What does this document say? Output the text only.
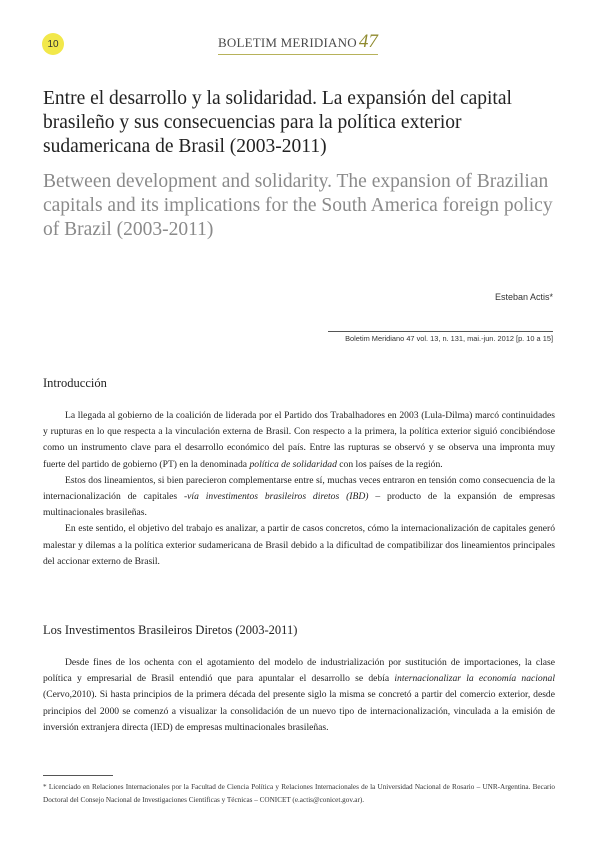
10	BOLETIM MERIDIANO 47
Entre el desarrollo y la solidaridad. La expansión del capital brasileño y sus consecuencias para la política exterior sudamericana de Brasil (2003-2011)
Between development and solidarity. The expansion of Brazilian capitals and its implications for the South America foreign policy of Brazil (2003-2011)
Esteban Actis*
Boletim Meridiano 47 vol. 13, n. 131, mai.-jun. 2012 [p. 10 a 15]
Introducción

La llegada al gobierno de la coalición de liderada por el Partido dos Trabalhadores en 2003 (Lula-Dilma) marcó continuidades y rupturas en lo que respecta a la vinculación externa de Brasil. Con respecto a la primera, la política exterior siguió concibiéndose como un instrumento clave para el desarrollo económico del país. Entre las rupturas se observó y se observa una impronta muy fuerte del partido de gobierno (PT) en la denominada política de solidaridad con los países de la región.

Estos dos lineamientos, si bien parecieron complementarse entre sí, muchas veces entraron en tensión como consecuencia de la internacionalización de capitales -vía investimentos brasileiros diretos (IBD) – producto de la expansión de empresas multinacionales brasileñas.

En este sentido, el objetivo del trabajo es analizar, a partir de casos concretos, cómo la internacionalización de capitales generó malestar y dilemas a la política exterior sudamericana de Brasil debido a la dificultad de compatibilizar dos lineamientos principales del accionar externo de Brasil.

Los Investimentos Brasileiros Diretos (2003-2011)

Desde fines de los ochenta con el agotamiento del modelo de industrialización por sustitución de importaciones, la clase política y empresarial de Brasil entendió que para apuntalar el desarrollo se debía internacionalizar la economía nacional (Cervo,2010). Si hasta principios de la primera década del presente siglo la misma se concretó a partir del comercio exterior, desde principios del 2000 se comenzó a visualizar la consolidación de un nuevo tipo de internacionalización, vinculada a la emisión de inversión extranjera directa (IED) de empresas multinacionales brasileñas.

* Licenciado en Relaciones Internacionales por la Facultad de Ciencia Política y Relaciones Internacionales de la Universidad Nacional de Rosario – UNR-Argentina. Becario Doctoral del Consejo Nacional de Investigaciones Científicas y Técnicas – CONICET (e.actis@conicet.gov.ar).
